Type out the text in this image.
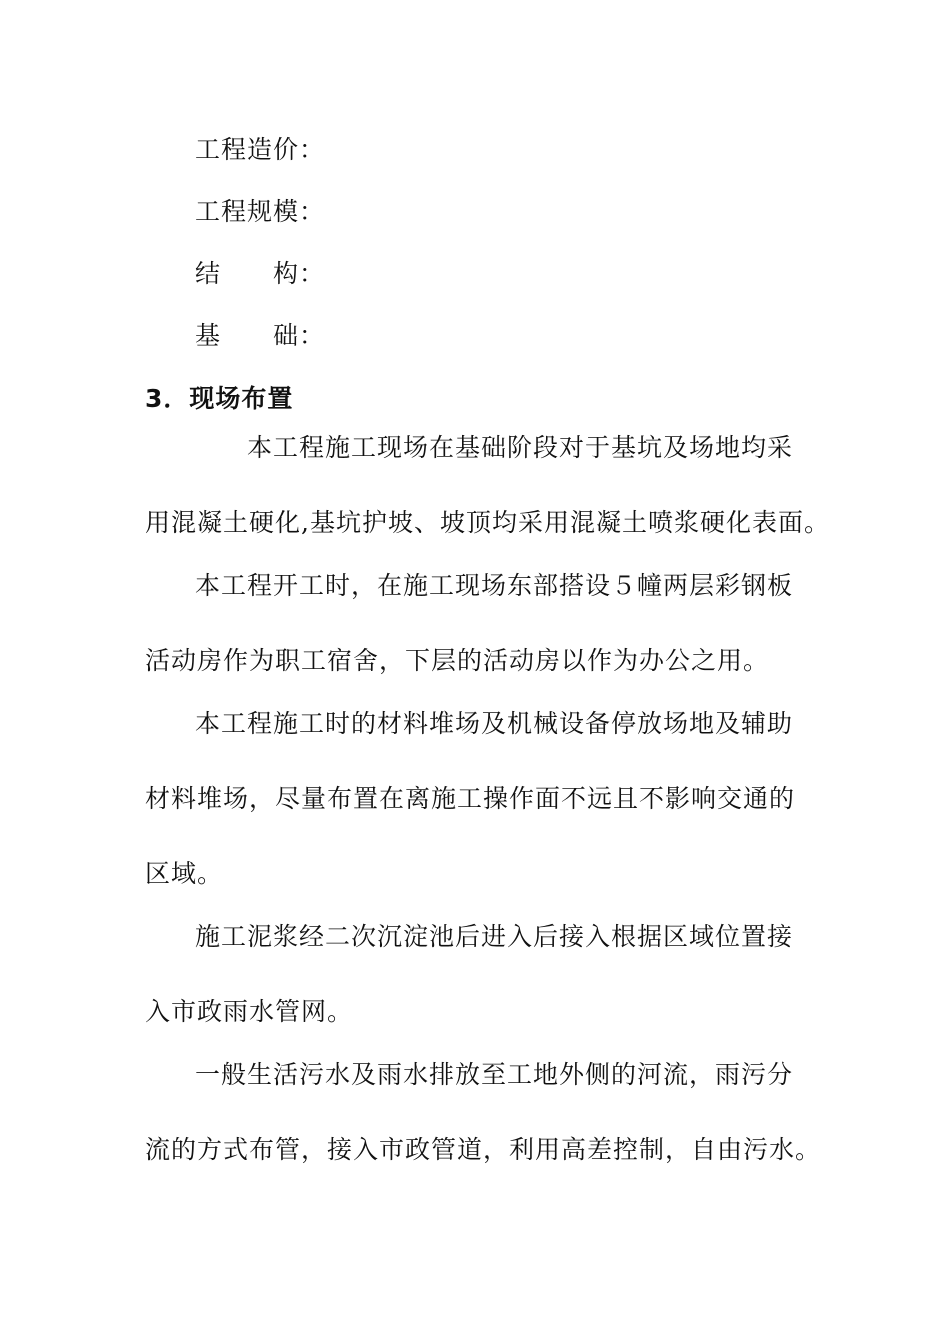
工程造价：
工程规模：
结 构：
基 础：
3．现场布置
本工程施工现场在基础阶段对于基坑及场地均采
用混凝土硬化,基坑护坡、坡顶均采用混凝土喷浆硬化表面。
本工程开工时，在施工现场东部搭设５幢两层彩钢板
活动房作为职工宿舍，下层的活动房以作为办公之用。
本工程施工时的材料堆场及机械设备停放场地及辅助
材料堆场，尽量布置在离施工操作面不远且不影响交通的
区域。
施工泥浆经二次沉淀池后进入后接入根据区域位置接
入市政雨水管网。
一般生活污水及雨水排放至工地外侧的河流，雨污分
流的方式布管，接入市政管道，利用高差控制，自由污水。
